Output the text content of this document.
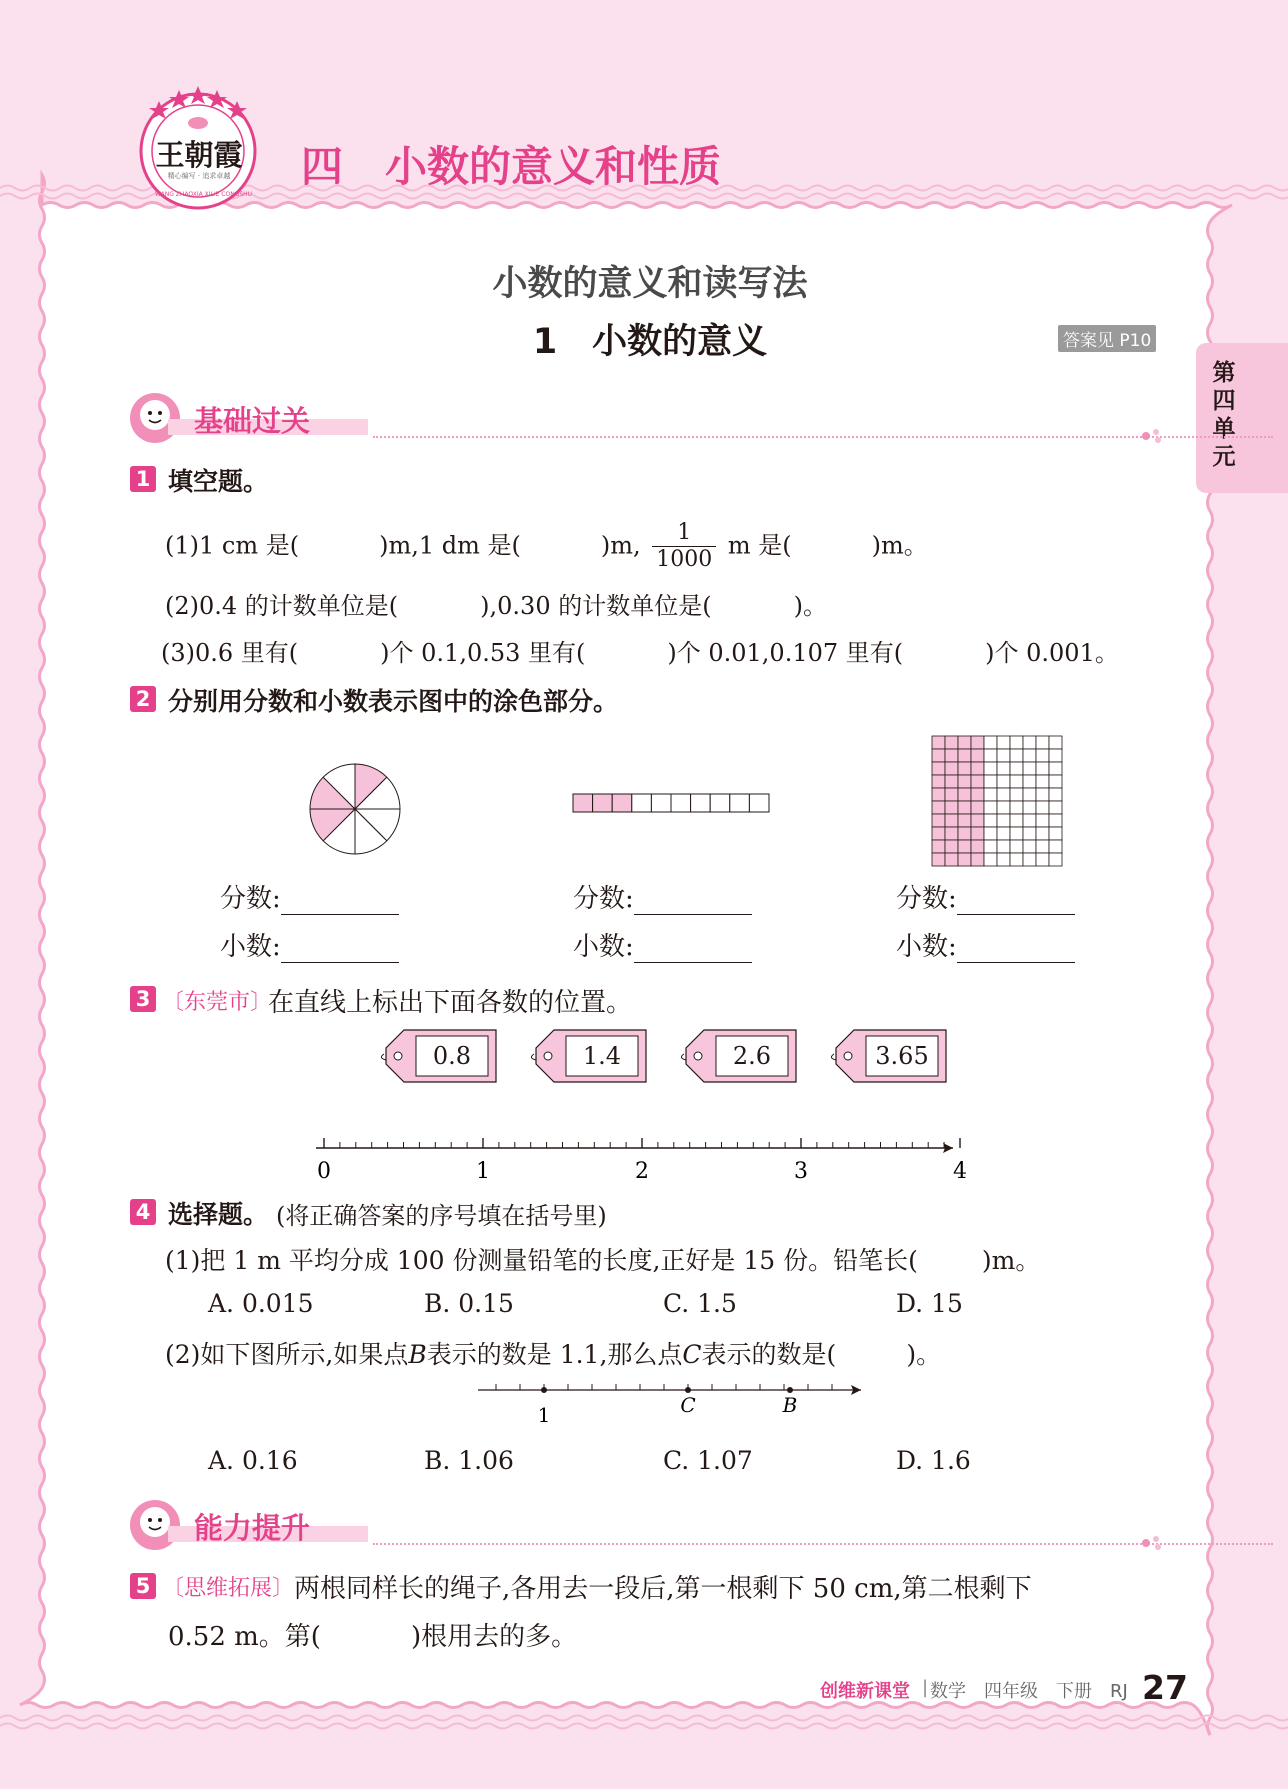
王朝霞
精心编写 · 追求卓越
WANG ZHAOXIA XILIE CONGSHU
四　小数的意义和性质
第
四
单
元
小数的意义和读写法
1　小数的意义	答案见 P10
基础过关
1 填空题。
(1)1 cm 是(	)m,1 dm 是(	)m, $\frac{1}{1000}$ m 是(	)m。
(2)0.4 的计数单位是(	),0.30 的计数单位是(	)。
(3)0.6 里有(	)个 0.1,0.53 里有(	)个 0.01,0.107 里有(	)个 0.001。
2 分别用分数和小数表示图中的涂色部分。
分数:
小数:
分数:
小数:
分数:
小数:
3 〔东莞市〕
在直线上标出下面各数的位置。
0	1	2	3	4
0.8	1.4	2.6	3.65
4 选择题。 (将正确答案的序号填在括号里)
(1)把 1 m 平均分成 100 份测量铅笔的长度,正好是 15 份。铅笔长(	)m。
(2)如下图所示,如果点B表示的数是 1.1,那么点C表示的数是(	)。
1	C	B
A. 0.015	B. 0.15	C. 1.5	D. 15
A. 0.16	B. 1.06	C. 1.07	D. 1.6
能力提升
5 〔思维拓展〕 两根同样长的绳子,各用去一段后,第一根剩下 50 cm,第二根剩下
0.52 m。第(	)根用去的多。
创维新课堂 | 数学　四年级　下册　RJ 27
